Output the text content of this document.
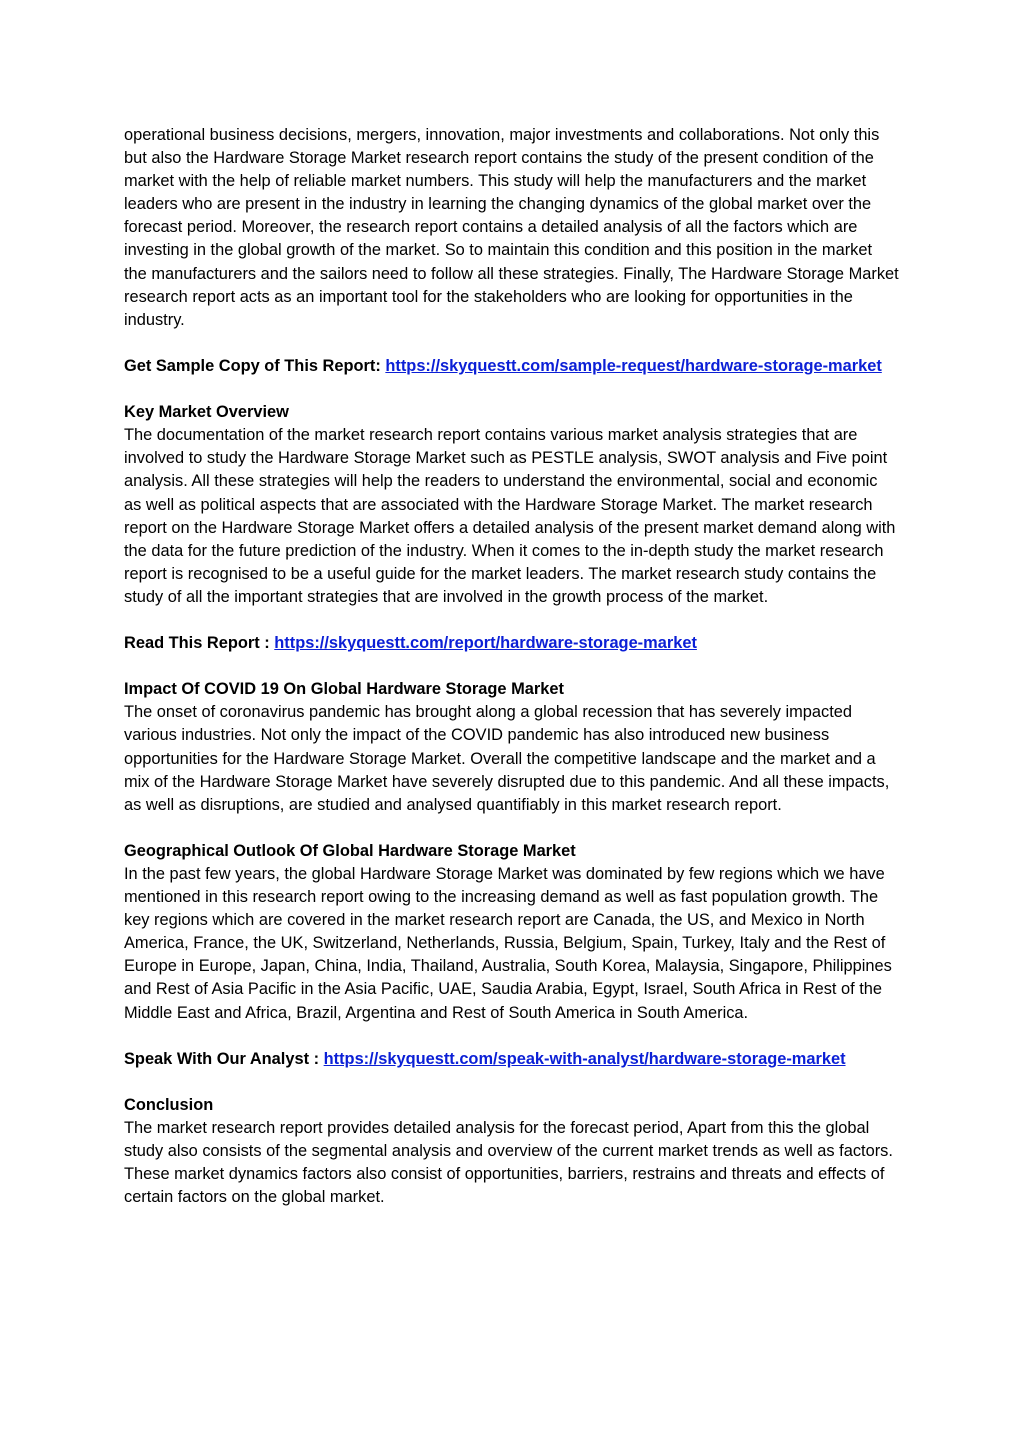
operational business decisions, mergers, innovation, major investments and collaborations. Not only this but also the Hardware Storage Market research report contains the study of the present condition of the market with the help of reliable market numbers. This study will help the manufacturers and the market leaders who are present in the industry in learning the changing dynamics of the global market over the forecast period. Moreover, the research report contains a detailed analysis of all the factors which are investing in the global growth of the market. So to maintain this condition and this position in the market the manufacturers and the sailors need to follow all these strategies. Finally, The Hardware Storage Market research report acts as an important tool for the stakeholders who are looking for opportunities in the industry.

Get Sample Copy of This Report: https://skyquestt.com/sample-request/hardware-storage-market

Key Market Overview
The documentation of the market research report contains various market analysis strategies that are involved to study the Hardware Storage Market such as PESTLE analysis, SWOT analysis and Five point analysis. All these strategies will help the readers to understand the environmental, social and economic as well as political aspects that are associated with the Hardware Storage Market. The market research report on the Hardware Storage Market offers a detailed analysis of the present market demand along with the data for the future prediction of the industry. When it comes to the in-depth study the market research report is recognised to be a useful guide for the market leaders. The market research study contains the study of all the important strategies that are involved in the growth process of the market.

Read This Report : https://skyquestt.com/report/hardware-storage-market

Impact Of COVID 19 On Global Hardware Storage Market
The onset of coronavirus pandemic has brought along a global recession that has severely impacted various industries. Not only the impact of the COVID pandemic has also introduced new business opportunities for the Hardware Storage Market. Overall the competitive landscape and the market and a mix of the Hardware Storage Market have severely disrupted due to this pandemic. And all these impacts, as well as disruptions, are studied and analysed quantifiably in this market research report.

Geographical Outlook Of Global Hardware Storage Market
In the past few years, the global Hardware Storage Market was dominated by few regions which we have mentioned in this research report owing to the increasing demand as well as fast population growth. The key regions which are covered in the market research report are Canada, the US, and Mexico in North America, France, the UK, Switzerland, Netherlands, Russia, Belgium, Spain, Turkey, Italy and the Rest of Europe in Europe, Japan, China, India, Thailand, Australia, South Korea, Malaysia, Singapore, Philippines and Rest of Asia Pacific in the Asia Pacific, UAE, Saudia Arabia, Egypt, Israel, South Africa in Rest of the Middle East and Africa, Brazil, Argentina and Rest of South America in South America.

Speak With Our Analyst : https://skyquestt.com/speak-with-analyst/hardware-storage-market

Conclusion
The market research report provides detailed analysis for the forecast period, Apart from this the global study also consists of the segmental analysis and overview of the current market trends as well as factors. These market dynamics factors also consist of opportunities, barriers, restrains and threats and effects of certain factors on the global market.
